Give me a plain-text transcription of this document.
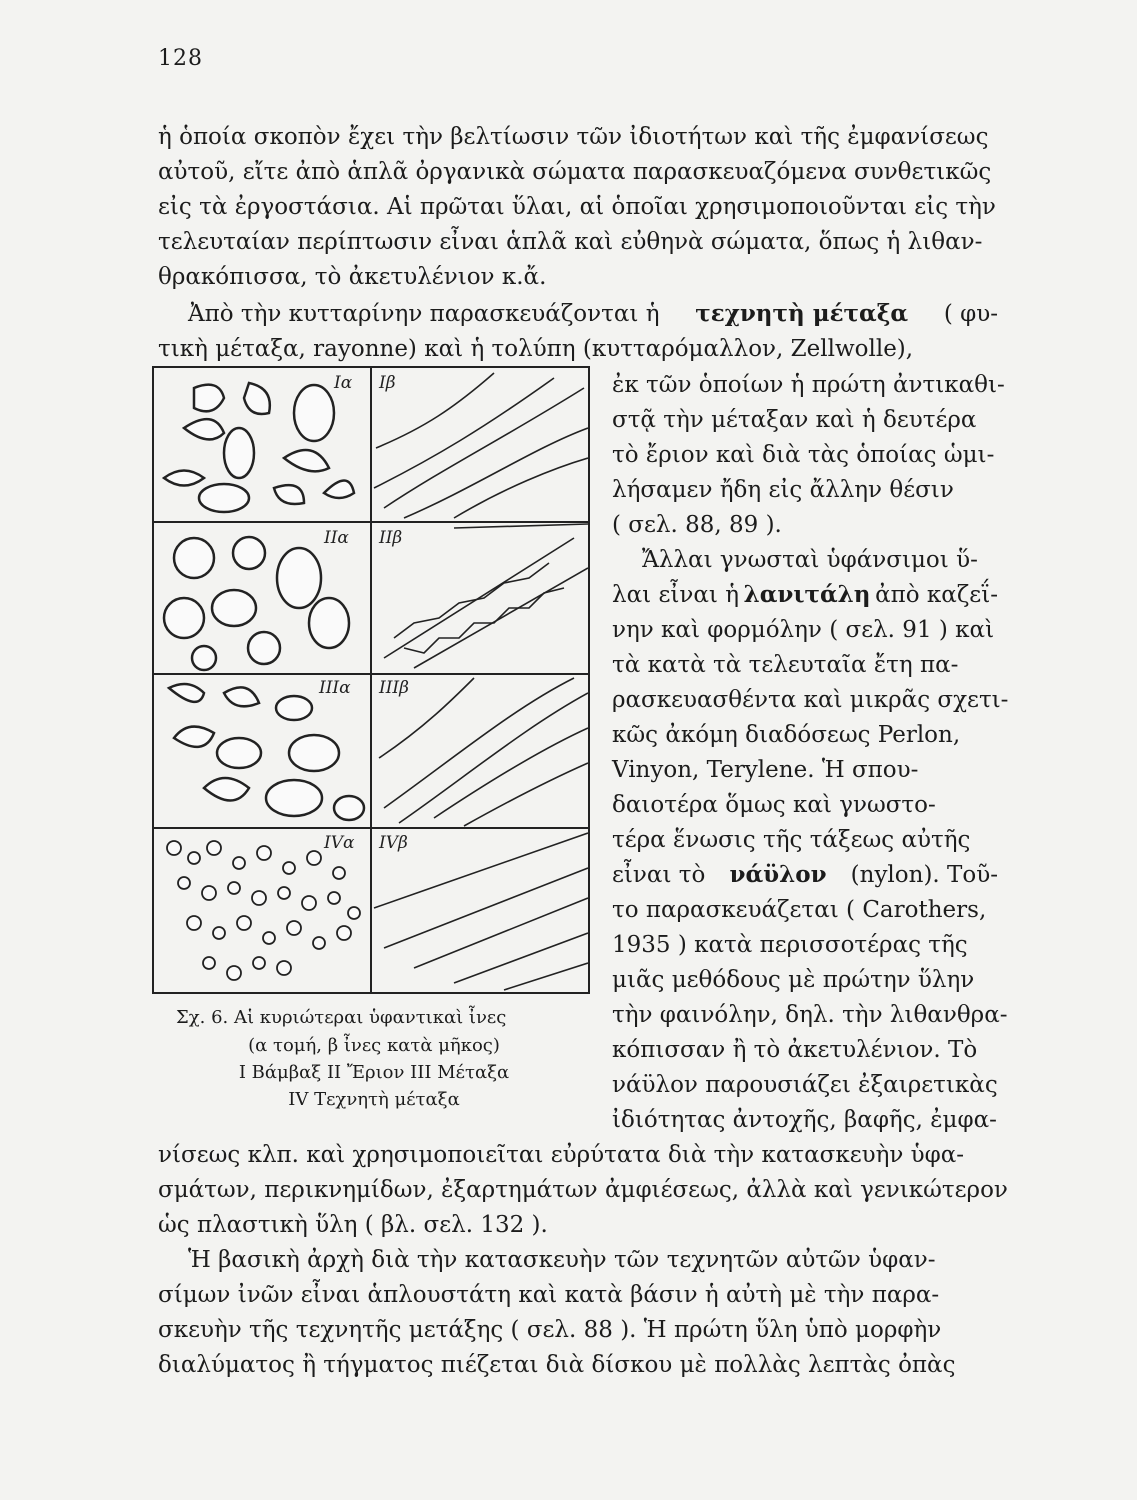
128
ἡ ὁποία σκοπὸν ἔχει τὴν βελτίωσιν τῶν ἰδιοτήτων καὶ τῆς ἐμφανίσεως
αὐτοῦ, εἴτε ἀπὸ ἁπλᾶ ὀργανικὰ σώματα παρασκευαζόμενα συνθετικῶς
εἰς τὰ ἐργοστάσια. Αἱ πρῶται ὕλαι, αἱ ὁποῖαι χρησιμοποιοῦνται εἰς τὴν
τελευταίαν περίπτωσιν εἶναι ἁπλᾶ καὶ εὐθηνὰ σώματα, ὅπως ἡ λιθαν-
θρακόπισσα, τὸ ἀκετυλένιον κ.ἄ.
Ἀπὸ τὴν κυτταρίνην παρασκευάζονται ἡ τεχνητὴ μέταξα ( φυ-
τικὴ μέταξα, rayonne) καὶ ἡ τολύπη (κυτταρόμαλλον, Zellwolle),
Iα Iβ
IIα IIβ
IIIα IIIβ
IVα IVβ
Σχ. 6. Αἱ κυριώτεραι ὑφαντικαὶ ἶνες
(α τομή, β ἶνες κατὰ μῆκος)
I Βάμβαξ II Ἔριον III Μέταξα
IV Τεχνητὴ μέταξα
ἐκ τῶν ὁποίων ἡ πρώτη ἀντικαθι-
στᾷ τὴν μέταξαν καὶ ἡ δευτέρα
τὸ ἔριον καὶ διὰ τὰς ὁποίας ὡμι-
λήσαμεν ἤδη εἰς ἄλλην θέσιν
( σελ. 88, 89 ).
Ἄλλαι γνωσταὶ ὑφάνσιμοι ὕ-
λαι εἶναι ἡ λανιτάλη ἀπὸ καζεΐ-
νην καὶ φορμόλην ( σελ. 91 ) καὶ
τὰ κατὰ τὰ τελευταῖα ἔτη πα-
ρασκευασθέντα καὶ μικρᾶς σχετι-
κῶς ἀκόμη διαδόσεως Perlon,
Vinyon, Terylene. Ἡ σπου-
δαιοτέρα ὅμως καὶ γνωστο-
τέρα ἕνωσις τῆς τάξεως αὐτῆς
εἶναι τὸ νάϋλον (nylon). Τοῦ-
το παρασκευάζεται ( Carothers,
1935 ) κατὰ περισσοτέρας τῆς
μιᾶς μεθόδους μὲ πρώτην ὕλην
τὴν φαινόλην, δηλ. τὴν λιθανθρα-
κόπισσαν ἢ τὸ ἀκετυλένιον. Τὸ
νάϋλον παρουσιάζει ἐξαιρετικὰς
ἰδιότητας ἀντοχῆς, βαφῆς, ἐμφα-
νίσεως κλπ. καὶ χρησιμοποιεῖται εὐρύτατα διὰ τὴν κατασκευὴν ὑφα-
σμάτων, περικνημίδων, ἐξαρτημάτων ἀμφιέσεως, ἀλλὰ καὶ γενικώτερον
ὡς πλαστικὴ ὕλη ( βλ. σελ. 132 ).
Ἡ βασικὴ ἀρχὴ διὰ τὴν κατασκευὴν τῶν τεχνητῶν αὐτῶν ὑφαν-
σίμων ἰνῶν εἶναι ἁπλουστάτη καὶ κατὰ βάσιν ἡ αὐτὴ μὲ τὴν παρα-
σκευὴν τῆς τεχνητῆς μετάξης ( σελ. 88 ). Ἡ πρώτη ὕλη ὑπὸ μορφὴν
διαλύματος ἢ τήγματος πιέζεται διὰ δίσκου μὲ πολλὰς λεπτὰς ὀπὰς
